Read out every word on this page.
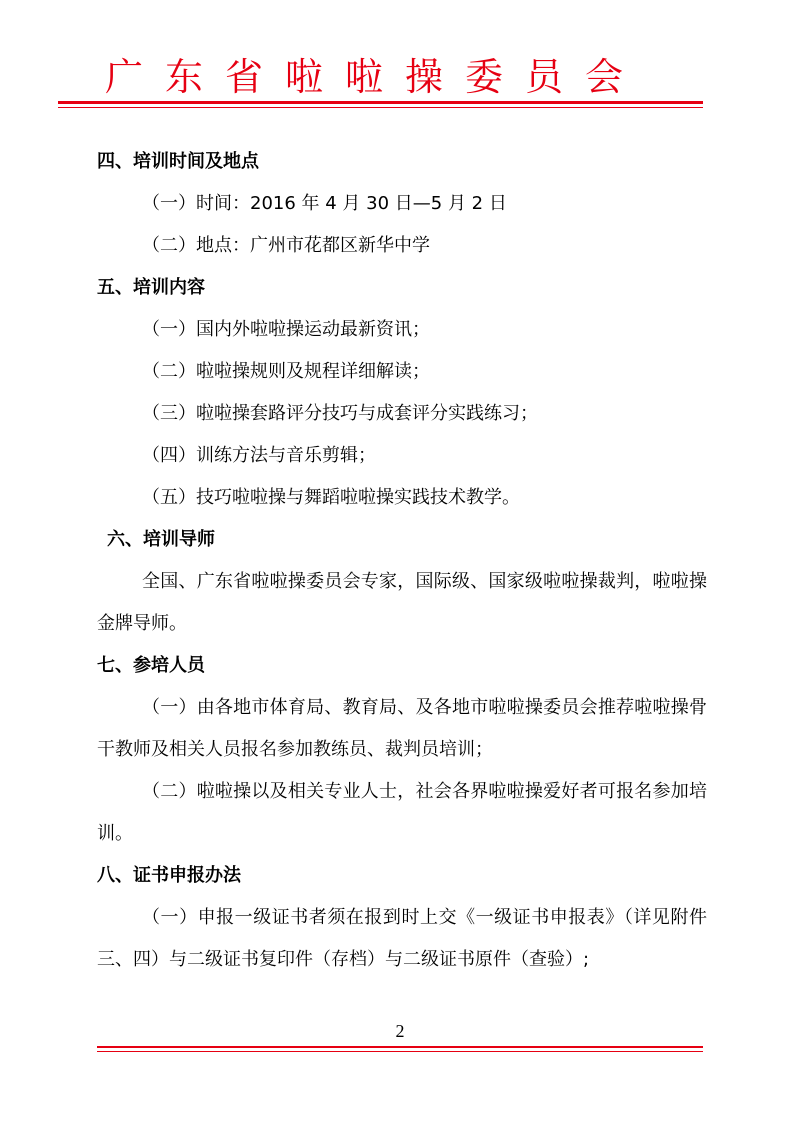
广东省啦啦操委员会
四、培训时间及地点
（一）时间：2016 年 4 月 30 日—5 月 2 日
（二）地点：广州市花都区新华中学
五、培训内容
（一）国内外啦啦操运动最新资讯；
（二）啦啦操规则及规程详细解读；
（三）啦啦操套路评分技巧与成套评分实践练习；
（四）训练方法与音乐剪辑；
（五）技巧啦啦操与舞蹈啦啦操实践技术教学。
六、培训导师
全国、广东省啦啦操委员会专家，国际级、国家级啦啦操裁判，啦啦操金牌导师。
七、参培人员
（一）由各地市体育局、教育局、及各地市啦啦操委员会推荐啦啦操骨干教师及相关人员报名参加教练员、裁判员培训；
（二）啦啦操以及相关专业人士，社会各界啦啦操爱好者可报名参加培训。
八、证书申报办法
（一）申报一级证书者须在报到时上交《一级证书申报表》（详见附件三、四）与二级证书复印件（存档）与二级证书原件（查验）;
2
